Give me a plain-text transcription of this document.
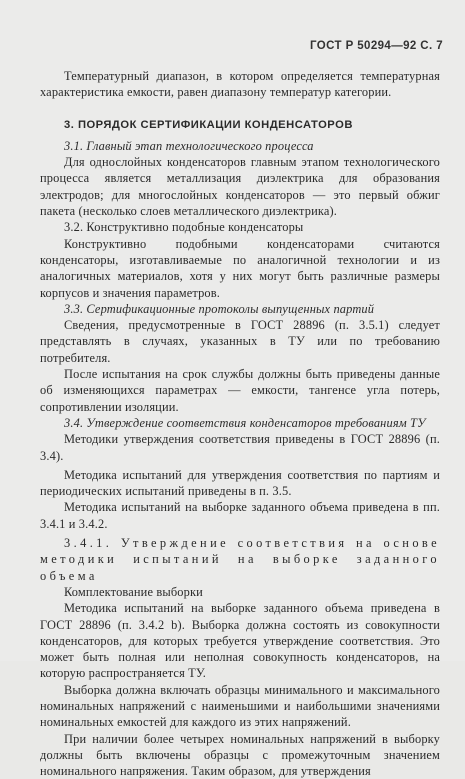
ГОСТ Р 50294—92 С. 7

Температурный диапазон, в котором определяется температурная характеристика емкости, равен диапазону температур категории.

3. ПОРЯДОК СЕРТИФИКАЦИИ КОНДЕНСАТОРОВ

3.1. Главный этап технологического процесса

Для однослойных конденсаторов главным этапом технологического процесса является металлизация диэлектрика для образования электродов; для многослойных конденсаторов — это первый обжиг пакета (несколько слоев металлического диэлектрика).

3.2. Конструктивно подобные конденсаторы

Конструктивно подобными конденсаторами считаются конденсаторы, изготавливаемые по аналогичной технологии и из аналогичных материалов, хотя у них могут быть различные размеры корпусов и значения параметров.

3.3. Сертификационные протоколы выпущенных партий

Сведения, предусмотренные в ГОСТ 28896 (п. 3.5.1) следует представлять в случаях, указанных в ТУ или по требованию потребителя.

После испытания на срок службы должны быть приведены данные об изменяющихся параметрах — емкости, тангенсе угла потерь, сопротивлении изоляции.

3.4. Утверждение соответствия конденсаторов требованиям ТУ

Методики утверждения соответствия приведены в ГОСТ 28896 (п. 3.4).

Методика испытаний для утверждения соответствия по партиям и периодических испытаний приведены в п. 3.5.

Методика испытаний на выборке заданного объема приведена в пп. 3.4.1 и 3.4.2.

3.4.1. Утверждение соответствия на основе методики испытаний на выборке заданного объема

Комплектование выборки

Методика испытаний на выборке заданного объема приведена в ГОСТ 28896 (п. 3.4.2 b). Выборка должна состоять из совокупности конденсаторов, для которых требуется утверждение соответствия. Это может быть полная или неполная совокупность конденсаторов, на которую распространяется ТУ.

Выборка должна включать образцы минимального и максимального номинальных напряжений с наименьшими и наибольшими значениями номинальных емкостей для каждого из этих напряжений.

При наличии более четырех номинальных напряжений в выборку должны быть включены образцы с промежуточным значением номинального напряжения. Таким образом, для утверждения
